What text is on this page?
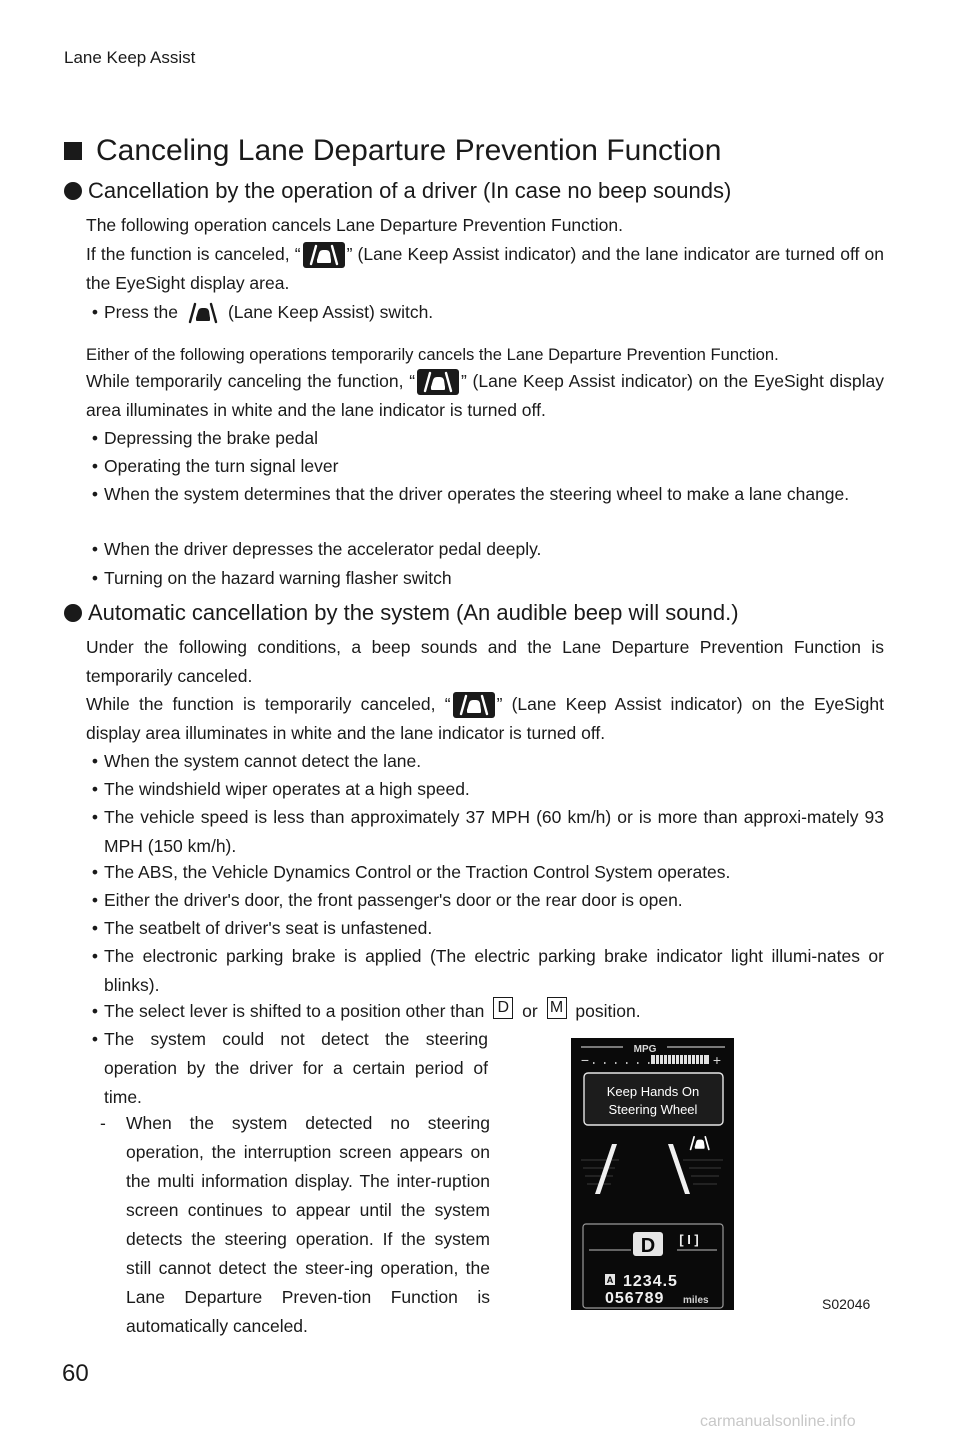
Lane Keep Assist
Canceling Lane Departure Prevention Function
Cancellation by the operation of a driver (In case no beep sounds)
The following operation cancels Lane Departure Prevention Function.
If the function is canceled, “	” (Lane Keep Assist indicator) and the lane indicator are turned off on the EyeSight display area.
• Press the	(Lane Keep Assist) switch.
Either of the following operations temporarily cancels the Lane Departure Prevention Function.
While temporarily canceling the function, “	” (Lane Keep Assist indicator) on the EyeSight display area illuminates in white and the lane indicator is turned off.
• Depressing the brake pedal
• Operating the turn signal lever
• When the system determines that the driver operates the steering wheel to make a lane change.
• When the driver depresses the accelerator pedal deeply.
• Turning on the hazard warning flasher switch
Automatic cancellation by the system (An audible beep will sound.)
Under the following conditions, a beep sounds and the Lane Departure Prevention Function is temporarily canceled.
While the function is temporarily canceled, “	” (Lane Keep Assist indicator) on the EyeSight display area illuminates in white and the lane indicator is turned off.
• When the system cannot detect the lane.
• The windshield wiper operates at a high speed.
• The vehicle speed is less than approximately 37 MPH (60 km/h) or is more than approxi-mately 93 MPH (150 km/h).
• The ABS, the Vehicle Dynamics Control or the Traction Control System operates.
• Either the driver's door, the front passenger's door or the rear door is open.
• The seatbelt of driver's seat is unfastened.
• The electronic parking brake is applied (The electric parking brake indicator light illumi-nates or blinks).
• The select lever is shifted to a position other than D or M position.
• The system could not detect the steering operation by the driver for a certain period of time.
- When the system detected no steering operation, the interruption screen appears on the multi information display. The inter-ruption screen continues to appear until the system detects the steering operation. If the system still cannot detect the steer-ing operation, the Lane Departure Preven-tion Function is automatically canceled.
MPG
−	+
Keep Hands On
Steering Wheel
D [ I ]
A 1234.5
056789 miles	S02046
60
carmanualsonline.info
